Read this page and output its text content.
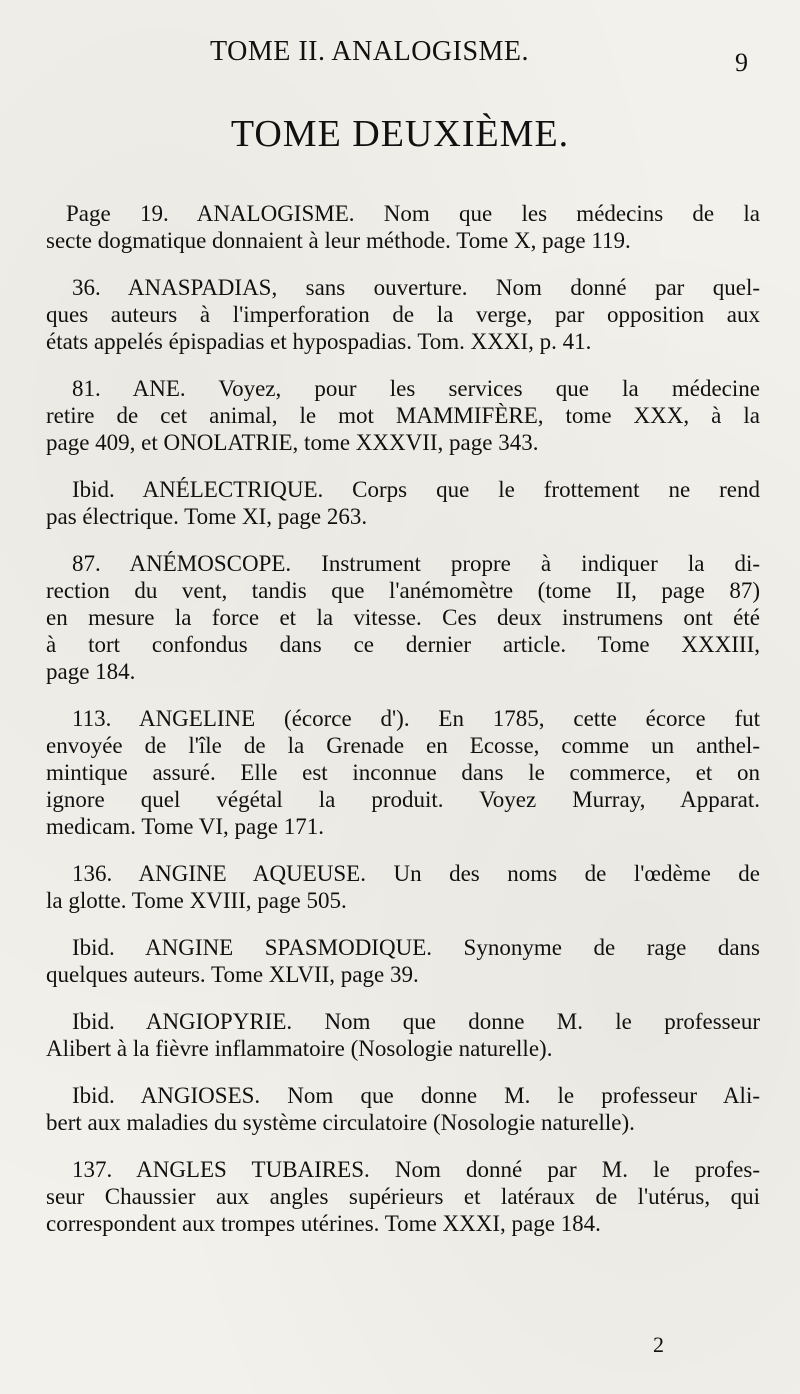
TOME II. ANALOGISME.	9
TOME DEUXIÈME.
Page 19. ANALOGISME. Nom que les médecins de la
secte dogmatique donnaient à leur méthode. Tome X, page 119.
36. ANASPADIAS, sans ouverture. Nom donné par quel-
ques auteurs à l'imperforation de la verge, par opposition aux
états appelés épispadias et hypospadias. Tom. XXXI, p. 41.
81. ANE. Voyez, pour les services que la médecine
retire de cet animal, le mot MAMMIFÈRE, tome XXX, à la
page 409, et ONOLATRIE, tome XXXVII, page 343.
Ibid. ANÉLECTRIQUE. Corps que le frottement ne rend
pas électrique. Tome XI, page 263.
87. ANÉMOSCOPE. Instrument propre à indiquer la di-
rection du vent, tandis que l'anémomètre (tome II, page 87)
en mesure la force et la vitesse. Ces deux instrumens ont été
à tort confondus dans ce dernier article. Tome XXXIII,
page 184.
113. ANGELINE (écorce d'). En 1785, cette écorce fut
envoyée de l'île de la Grenade en Ecosse, comme un anthel-
mintique assuré. Elle est inconnue dans le commerce, et on
ignore quel végétal la produit. Voyez Murray, Apparat.
medicam. Tome VI, page 171.
136. ANGINE AQUEUSE. Un des noms de l'œdème de
la glotte. Tome XVIII, page 505.
Ibid. ANGINE SPASMODIQUE. Synonyme de rage dans
quelques auteurs. Tome XLVII, page 39.
Ibid. ANGIOPYRIE. Nom que donne M. le professeur
Alibert à la fièvre inflammatoire (Nosologie naturelle).
Ibid. ANGIOSES. Nom que donne M. le professeur Ali-
bert aux maladies du système circulatoire (Nosologie naturelle).
137. ANGLES TUBAIRES. Nom donné par M. le profes-
seur Chaussier aux angles supérieurs et latéraux de l'utérus, qui
correspondent aux trompes utérines. Tome XXXI, page 184.
2
